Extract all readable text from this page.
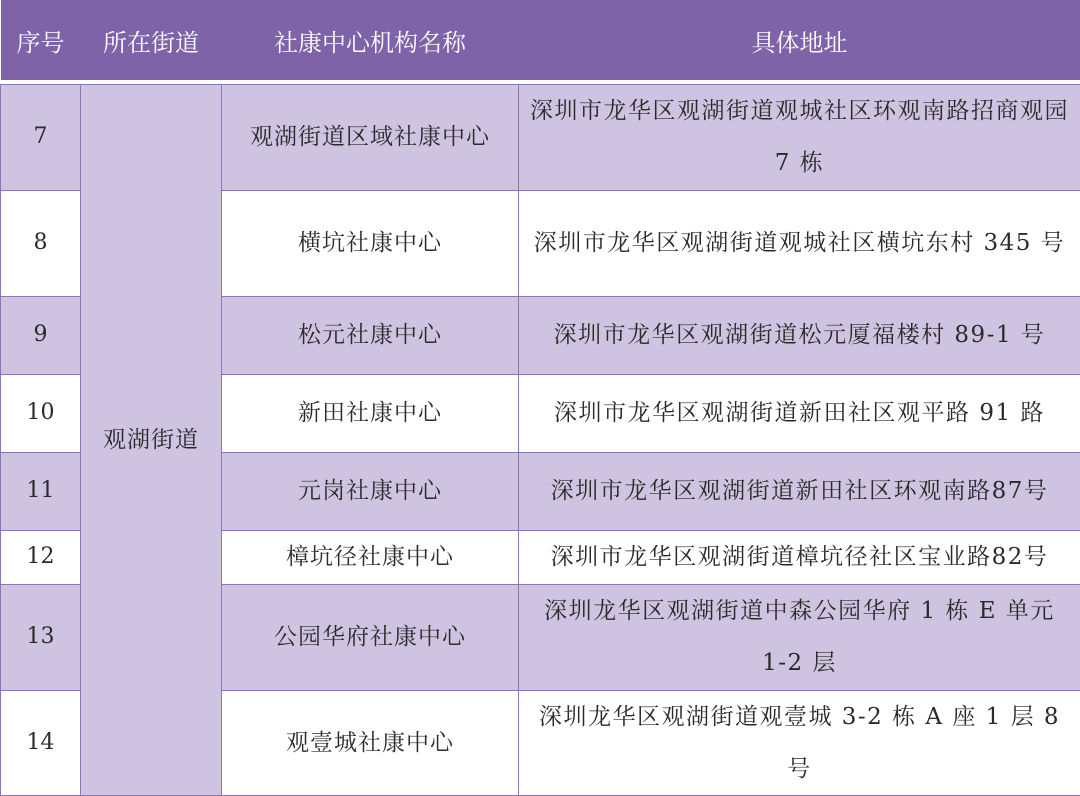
序号	所在街道	社康中心机构名称	具体地址

7	观湖街道	观湖街道区域社康中心	深圳市龙华区观湖街道观城社区环观南路招商观园 7 栋
8		横坑社康中心	深圳市龙华区观湖街道观城社区横坑东村 345 号
9		松元社康中心	深圳市龙华区观湖街道松元厦福楼村 89-1 号
10		新田社康中心	深圳市龙华区观湖街道新田社区观平路 91 路
11		元岗社康中心	深圳市龙华区观湖街道新田社区环观南路87号
12		樟坑径社康中心	深圳市龙华区观湖街道樟坑径社区宝业路82号
13		公园华府社康中心	深圳龙华区观湖街道中森公园华府 1 栋 E 单元 1-2 层
14		观壹城社康中心	深圳龙华区观湖街道观壹城 3-2 栋 A 座 1 层 8 号
